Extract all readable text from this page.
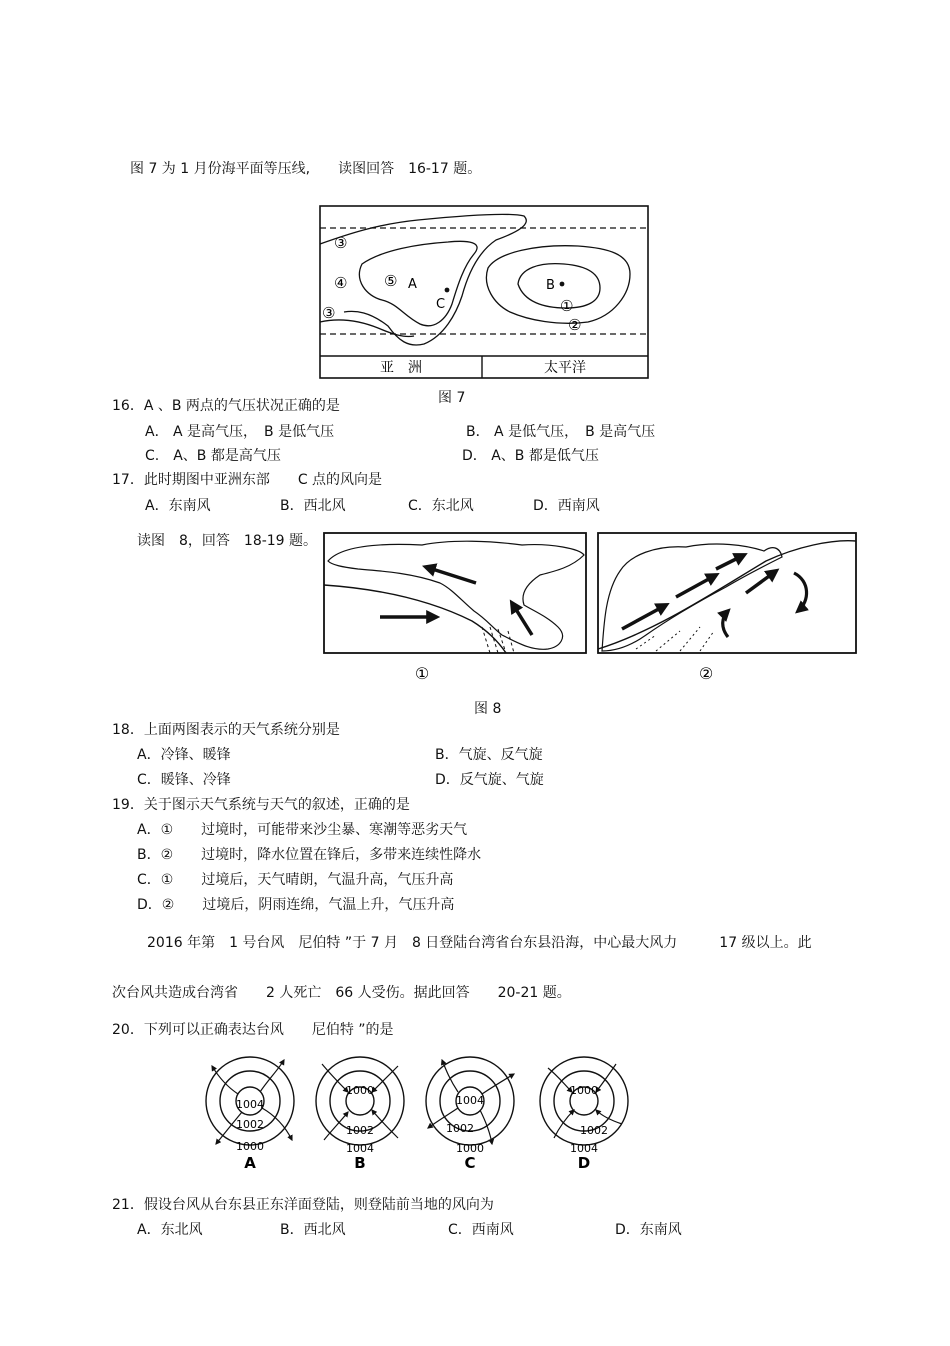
图 7 为 1 月份海平面等压线,　　读图回答　16-17 题。
③
④
③
⑤ A
C
B
①
②
亚　洲	太平洋
图 7
16．A 、B 两点的气压状况正确的是
A． A 是高气压，　B 是低气压	B． A 是低气压，　B 是高气压
C.　A、B 都是高气压	D． A、B 都是低气压
17．此时期图中亚洲东部　　C 点的风向是
A．东南风	B．西北风	C．东北风	D．西南风
读图　8，回答　18-19 题。
①	②
图 8
18．上面两图表示的天气系统分别是
A．冷锋、暖锋	B．气旋、反气旋
C．暖锋、冷锋	D．反气旋、气旋
19．关于图示天气系统与天气的叙述，正确的是
A．①　　过境时，可能带来沙尘暴、寒潮等恶劣天气
B．②　　过境时，降水位置在锋后，多带来连续性降水
C．①　　过境后，天气晴朗，气温升高，气压升高
D．②　　过境后，阴雨连绵，气温上升，气压升高
2016 年第　1 号台风　尼伯特 ”于 7 月　8 日登陆台湾省台东县沿海，中心最大风力　　　17 级以上。此
次台风共造成台湾省　　2 人死亡　66 人受伤。据此回答　　20-21 题。
20．下列可以正确表达台风　　尼伯特 ”的是
1004
1002
1000
A
1000
1002
1004
B
1004
1002
1000
C
1000
1002
1004
D
21．假设台风从台东县正东洋面登陆，则登陆前当地的风向为
A．东北风	B．西北风	C．西南风	D．东南风
